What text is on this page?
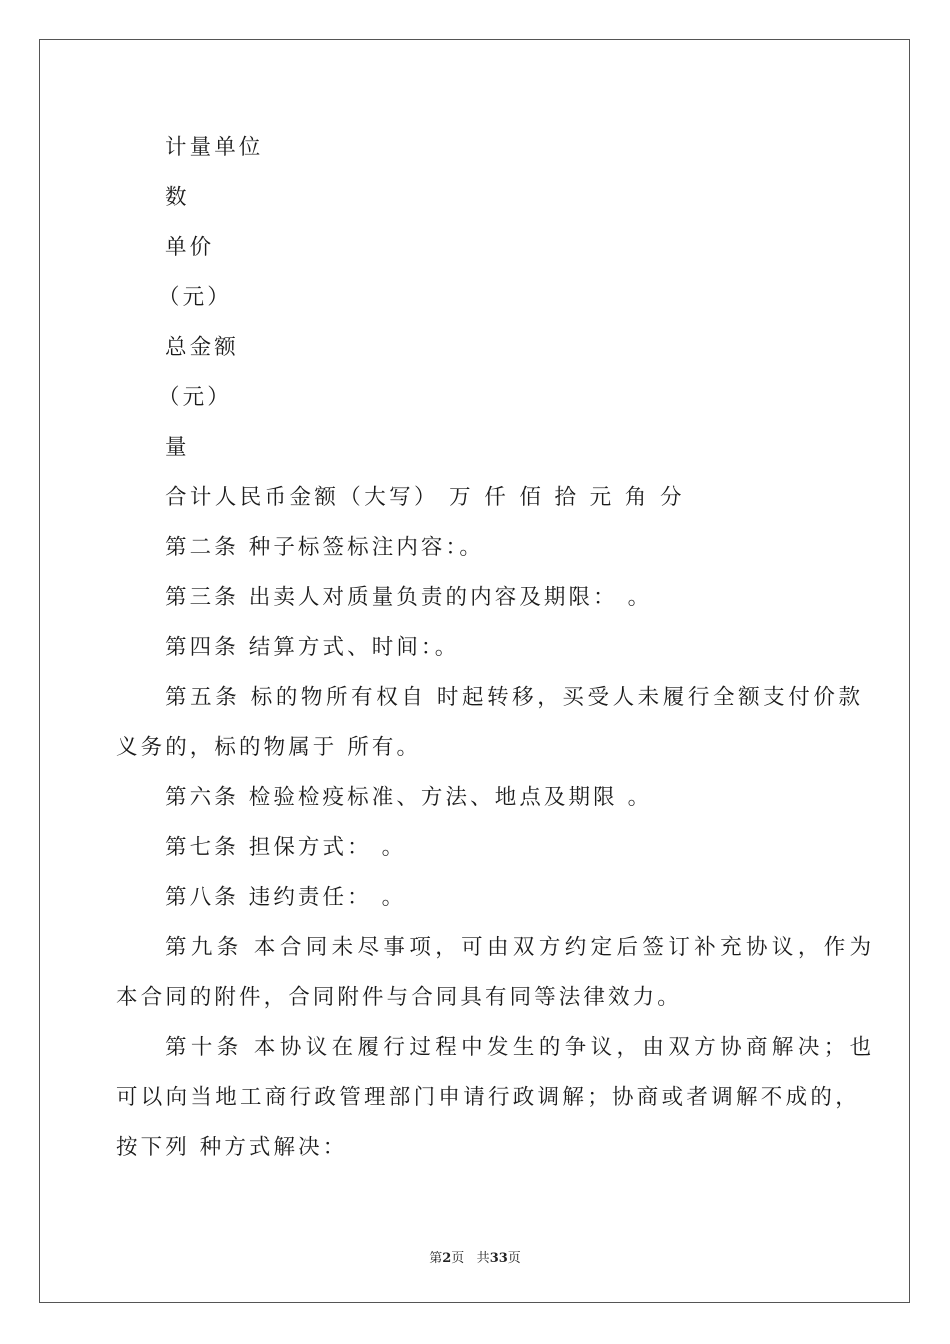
计量单位
数
单价
（元）
总金额
（元）
量
合计人民币金额（大写） 万 仟 佰 拾 元 角 分
第二条 种子标签标注内容：。
第三条 出卖人对质量负责的内容及期限： 。
第四条 结算方式、时间：。
第五条 标的物所有权自 时起转移，买受人未履行全额支付价款
义务的，标的物属于 所有。
第六条 检验检疫标准、方法、地点及期限 。
第七条 担保方式： 。
第八条 违约责任： 。
第九条 本合同未尽事项，可由双方约定后签订补充协议，作为
本合同的附件，合同附件与合同具有同等法律效力。
第十条 本协议在履行过程中发生的争议，由双方协商解决；也
可以向当地工商行政管理部门申请行政调解；协商或者调解不成的，
按下列 种方式解决：
第2页 共33页
